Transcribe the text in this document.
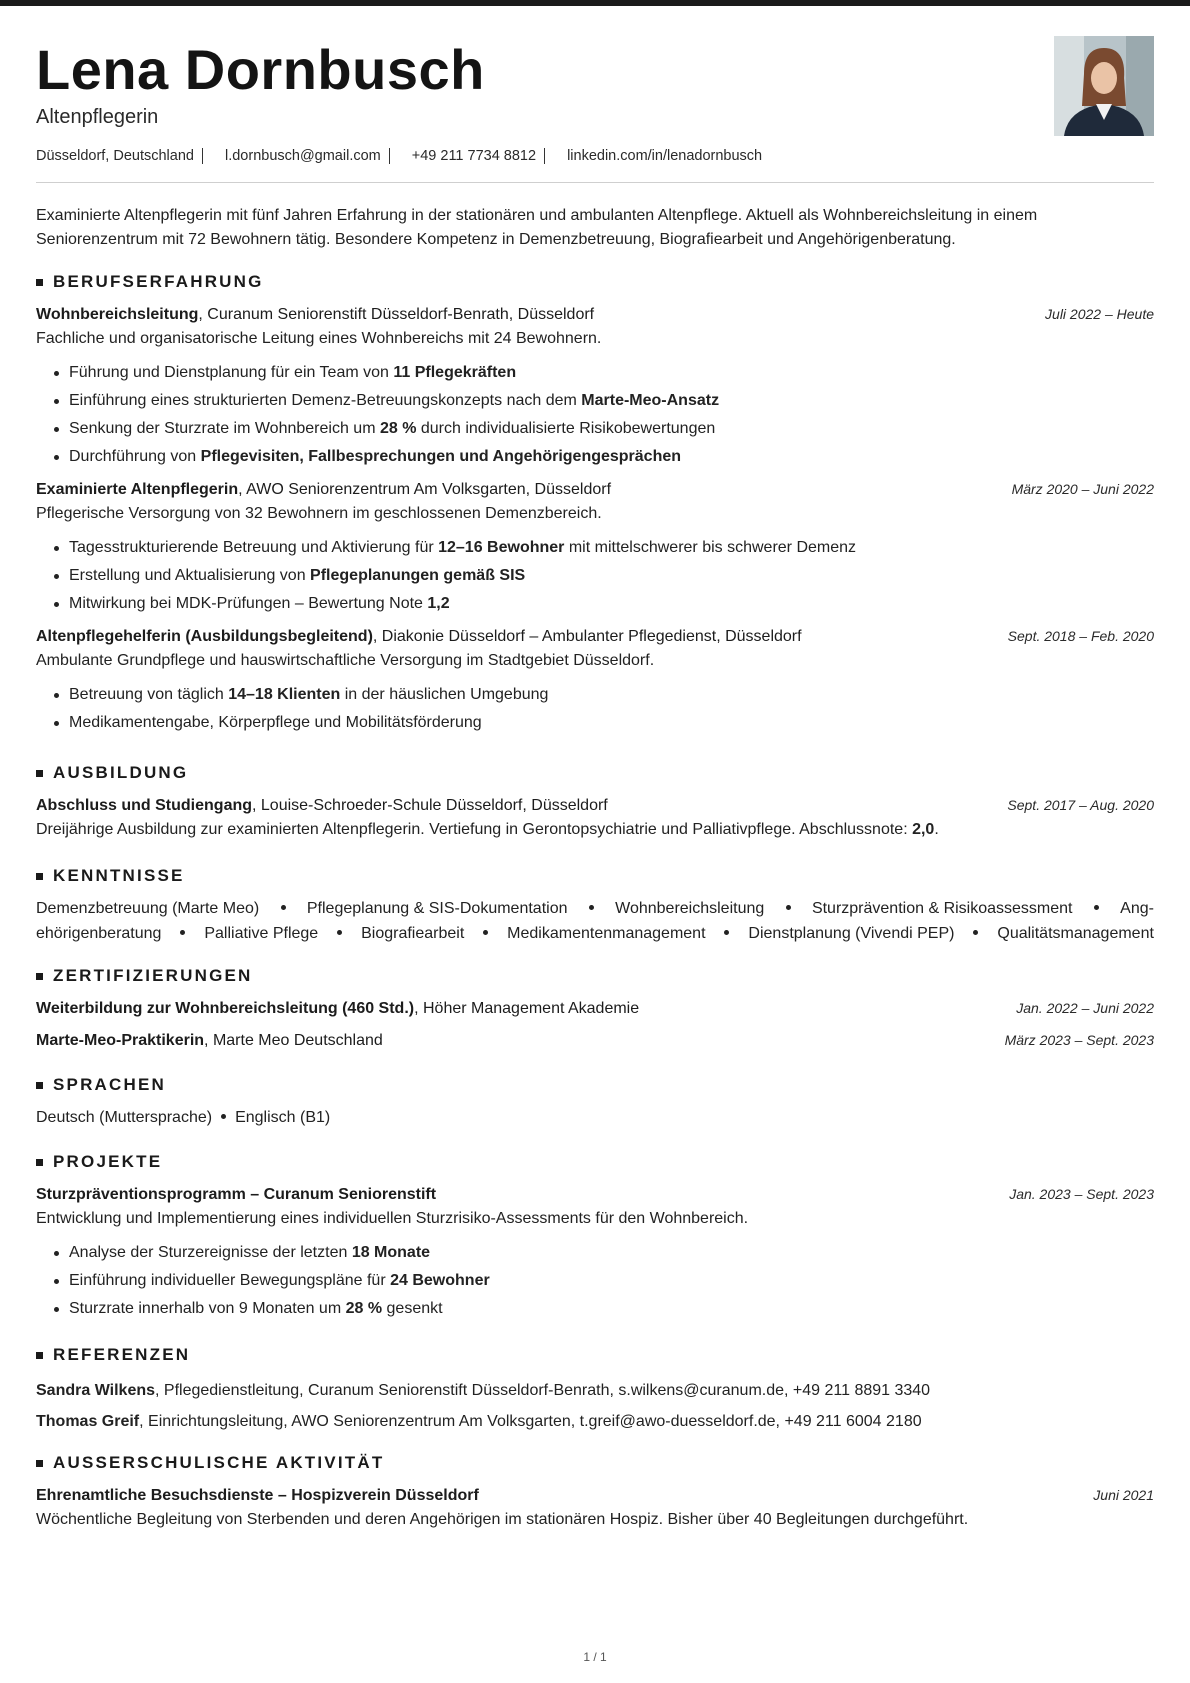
Lena Dornbusch
Altenpflegerin
Düsseldorf, Deutschland l.dornbusch@gmail.com +49 211 7734 8812 linkedin.com/in/lenadornbusch
Examinierte Altenpflegerin mit fünf Jahren Erfahrung in der stationären und ambulanten Altenpflege. Aktuell als Wohnbereichsleitung in einem Seniorenzentrum mit 72 Bewohnern tätig. Besondere Kompetenz in Demenzbetreuung, Biografiearbeit und Angehörigenberatung.
BERUFSERFAHRUNG
Wohnbereichsleitung, Curanum Seniorenstift Düsseldorf-Benrath, Düsseldorf	Juli 2022 – Heute
Fachliche und organisatorische Leitung eines Wohnbereichs mit 24 Bewohnern.
Führung und Dienstplanung für ein Team von 11 Pflegekräften
Einführung eines strukturierten Demenz-Betreuungskonzepts nach dem Marte-Meo-Ansatz
Senkung der Sturzrate im Wohnbereich um 28 % durch individualisierte Risikobewertungen
Durchführung von Pflegevisiten, Fallbesprechungen und Angehörigengesprächen
Examinierte Altenpflegerin, AWO Seniorenzentrum Am Volksgarten, Düsseldorf	März 2020 – Juni 2022
Pflegerische Versorgung von 32 Bewohnern im geschlossenen Demenzbereich.
Tagesstrukturierende Betreuung und Aktivierung für 12–16 Bewohner mit mittelschwerer bis schwerer Demenz
Erstellung und Aktualisierung von Pflegeplanungen gemäß SIS
Mitwirkung bei MDK-Prüfungen – Bewertung Note 1,2
Altenpflegehelferin (Ausbildungsbegleitend), Diakonie Düsseldorf – Ambulanter Pflegedienst, Düsseldorf	Sept. 2018 – Feb. 2020
Ambulante Grundpflege und hauswirtschaftliche Versorgung im Stadtgebiet Düsseldorf.
Betreuung von täglich 14–18 Klienten in der häuslichen Umgebung
Medikamentengabe, Körperpflege und Mobilitätsförderung
AUSBILDUNG
Abschluss und Studiengang, Louise-Schroeder-Schule Düsseldorf, Düsseldorf	Sept. 2017 – Aug. 2020
Dreijährige Ausbildung zur examinierten Altenpflegerin. Vertiefung in Gerontopsychiatrie und Palliativpflege. Abschlussnote: 2,0.
KENNTNISSE
Demenzbetreuung (Marte Meo)	Pflegeplanung & SIS-Dokumentation	Wohnbereichsleitung	Sturzprävention & Risikoassessment	Ang-
ehörigenberatung	Palliative Pflege	Biografiearbeit	Medikamentenmanagement	Dienstplanung (Vivendi PEP)	Qualitätsmanagement
ZERTIFIZIERUNGEN
Weiterbildung zur Wohnbereichsleitung (460 Std.), Höher Management Akademie	Jan. 2022 – Juni 2022
Marte-Meo-Praktikerin, Marte Meo Deutschland	März 2023 – Sept. 2023
SPRACHEN
Deutsch (Muttersprache) Englisch (B1)
PROJEKTE
Sturzpräventionsprogramm – Curanum Seniorenstift	Jan. 2023 – Sept. 2023
Entwicklung und Implementierung eines individuellen Sturzrisiko-Assessments für den Wohnbereich.
Analyse der Sturzereignisse der letzten 18 Monate
Einführung individueller Bewegungspläne für 24 Bewohner
Sturzrate innerhalb von 9 Monaten um 28 % gesenkt
REFERENZEN
Sandra Wilkens, Pflegedienstleitung, Curanum Seniorenstift Düsseldorf-Benrath, s.wilkens@curanum.de, +49 211 8891 3340
Thomas Greif, Einrichtungsleitung, AWO Seniorenzentrum Am Volksgarten, t.greif@awo-duesseldorf.de, +49 211 6004 2180
AUSSERSCHULISCHE AKTIVITÄT
Ehrenamtliche Besuchsdienste – Hospizverein Düsseldorf	Juni 2021
Wöchentliche Begleitung von Sterbenden und deren Angehörigen im stationären Hospiz. Bisher über 40 Begleitungen durchgeführt.
1 / 1
